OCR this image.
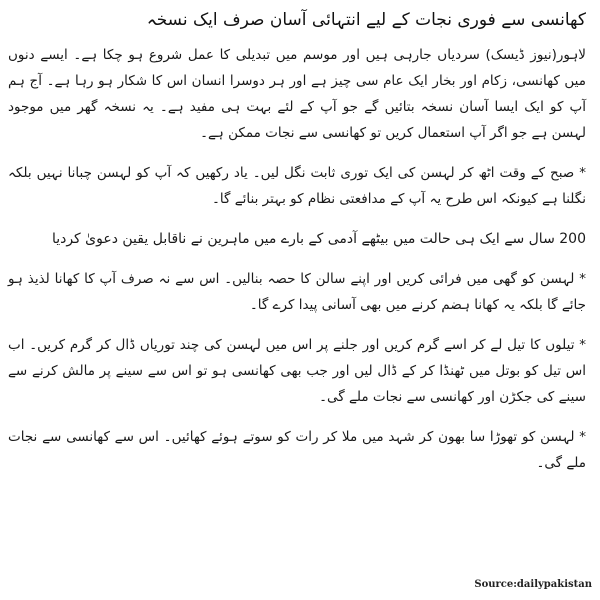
کھانسی سے فوری نجات کے لیے انتہائی آسان صرف ایک نسخہ

لاہور(نیوز ڈیسک) سردیاں جارہی ہیں اور موسم میں تبدیلی کا عمل شروع ہو چکا ہے۔ ایسے دنوں میں کھانسی، زکام اور بخار ایک عام سی چیز ہے اور ہر دوسرا انسان اس کا شکار ہو رہا ہے۔ آج ہم آپ کو ایک ایسا آسان نسخہ بتائیں گے جو آپ کے لئے بہت ہی مفید ہے۔ یہ نسخہ گھر میں موجود لہسن ہے جو اگر آپ استعمال کریں تو کھانسی سے نجات ممکن ہے۔

* صبح کے وقت اٹھ کر لہسن کی ایک توری ثابت نگل لیں۔ یاد رکھیں کہ آپ کو لہسن چبانا نہیں بلکہ نگلنا ہے کیونکہ اس طرح یہ آپ کے مدافعتی نظام کو بہتر بنائے گا۔

200 سال سے ایک ہی حالت میں بیٹھے آدمی کے بارے میں ماہرین نے ناقابل یقین دعویٰ کردیا

* لہسن کو گھی میں فرائی کریں اور اپنے سالن کا حصہ بنالیں۔ اس سے نہ صرف آپ کا کھانا لذیذ ہو جائے گا بلکہ یہ کھانا ہضم کرنے میں بھی آسانی پیدا کرے گا۔

* تیلوں کا تیل لے کر اسے گرم کریں اور جلنے پر اس میں لہسن کی چند توریاں ڈال کر گرم کریں۔ اب اس تیل کو بوتل میں ٹھنڈا کر کے ڈال لیں اور جب بھی کھانسی ہو تو اس سے سینے پر مالش کرنے سے سینے کی جکڑن اور کھانسی سے نجات ملے گی۔

* لہسن کو تھوڑا سا بھون کر شہد میں ملا کر رات کو سوتے ہوئے کھائیں۔ اس سے کھانسی سے نجات ملے گی۔

Source:dailypakistan
